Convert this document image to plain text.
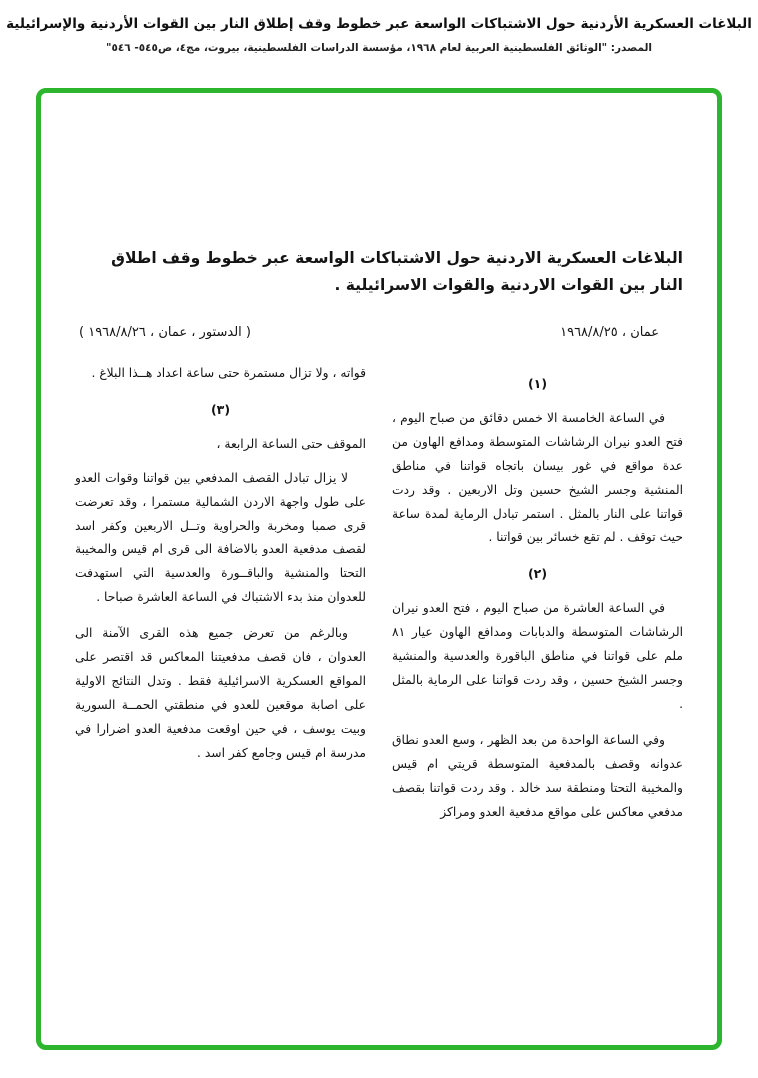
البلاغات العسكرية الأردنية حول الاشتباكات الواسعة عبر خطوط وقف إطلاق النار بين القوات الأردنية والإسرائيلية
المصدر: "الوثائق الفلسطينية العربية لعام ١٩٦٨، مؤسسة الدراسات الفلسطينية، بيروت، مج٤، ص٥٤٥- ٥٤٦"
البلاغات العسكرية الاردنية حول الاشتباكات الواسعة عبر خطوط وقف اطلاق
النار بين القوات الاردنية والقوات الاسرائيلية .
عمان ، ١٩٦٨/٨/٢٥
( الدستور ، عمان ، ١٩٦٨/٨/٢٦ )
(١)
في الساعة الخامسة الا خمس دقائق من صباح اليوم ، فتح العدو نيران الرشاشات المتوسطة ومدافع الهاون من عدة مواقع في غور بيسان باتجاه قواتنا في مناطق المنشية وجسر الشيخ حسين وتل الاربعين . وقد ردت قواتنا على النار بالمثل . استمر تبادل الرماية لمدة ساعة حيث توقف . لم تقع خسائر بين قواتنا .
(٢)
في الساعة العاشرة من صباح اليوم ، فتح العدو نيران الرشاشات المتوسطة والدبابات ومدافع الهاون عيار ٨١ ملم على قواتنا في مناطق الباقورة والعدسية والمنشية وجسر الشيخ حسين ، وقد ردت قواتنا على الرماية بالمثل .
وفي الساعة الواحدة من بعد الظهر ، وسع العدو نطاق عدوانه وقصف بالمدفعية المتوسطة قريتي ام قيس والمخيبة التحتا ومنطقة سد خالد . وقد ردت قواتنا بقصف مدفعي معاكس على مواقع مدفعية العدو ومراكز
قواته ، ولا تزال مستمرة حتى ساعة اعداد هــذا البلاغ .
(٣)
الموقف حتى الساعة الرابعة ،
لا يزال تبادل القصف المدفعي بين قواتنا وقوات العدو على طول واجهة الاردن الشمالية مستمرا ، وقد تعرضت قرى صمبا ومخربة والحراوية وتــل الاربعين وكفر اسد لقصف مدفعية العدو بالاضافة الى قرى ام قيس والمخيبة التحتا والمنشية والباقــورة والعدسية التي استهدفت للعدوان منذ بدء الاشتباك في الساعة العاشرة صباحا .
وبالرغم من تعرض جميع هذه القرى الآمنة الى العدوان ، فان قصف مدفعيتنا المعاكس قد اقتصر على المواقع العسكرية الاسرائيلية فقط . وتدل النتائج الاولية على اصابة موقعين للعدو في منطقتي الحمــة السورية وبيت يوسف ، في حين اوقعت مدفعية العدو اضرارا في مدرسة ام قيس وجامع كفر اسد .
